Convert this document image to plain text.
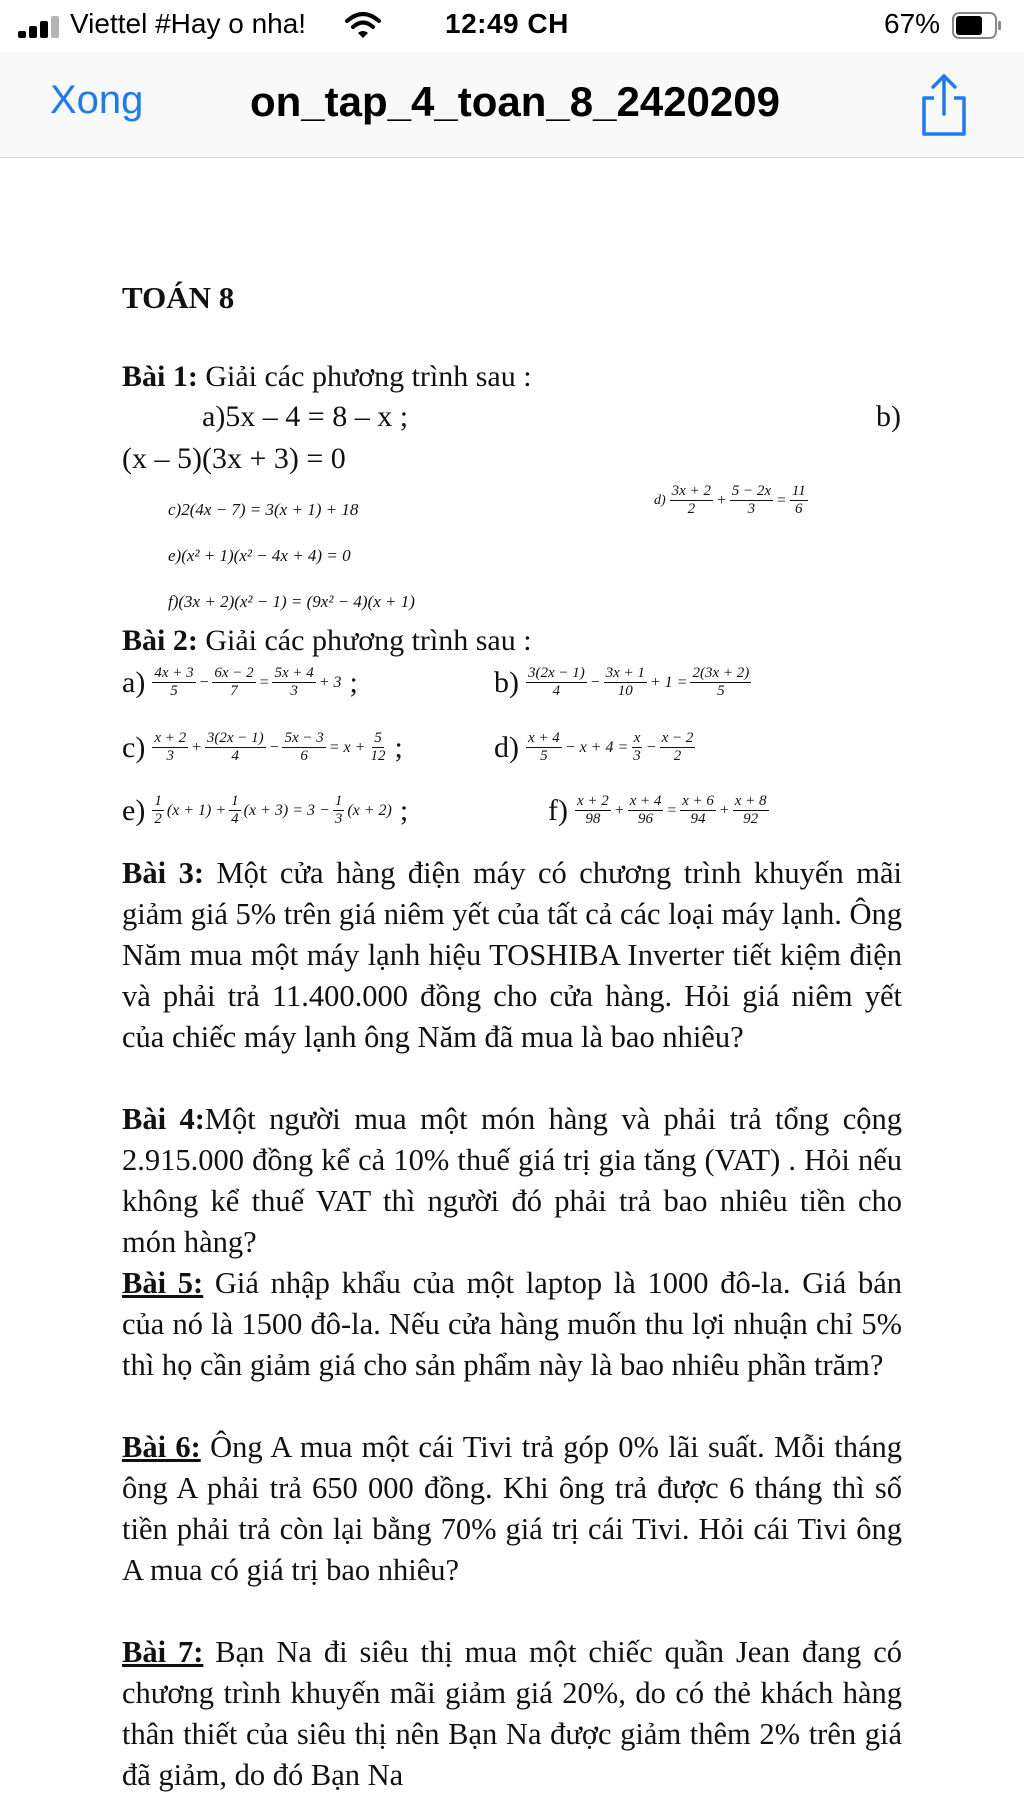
Viettel #Hay o nha!	12:49 CH	67%
Xong	on_tap_4_toan_8_2420209
TOÁN 8
Bài 1: Giải các phương trình sau :
a)5x – 4 = 8 – x ;	b)
(x – 5)(3x + 3) = 0
c)2(4x − 7) = 3(x + 1) + 18	$d) \frac{3x + 2}{2} + \frac{5 - 2x}{3} = \frac{11}{6}$
e)(x² + 1)(x² − 4x + 4) = 0
f)(3x + 2)(x² − 1) = (9x² − 4)(x + 1)
Bài 2: Giải các phương trình sau :
$a) \frac{4x + 3}{5} - \frac{6x - 2}{7} = \frac{5x + 4}{3} + 3$ ;	$b) \frac{3(2x - 1)}{4} - \frac{3x + 1}{10} + 1 = \frac{2(3x + 2)}{5}$
$c) \frac{x + 2}{3} + \frac{3(2x - 1)}{4} - \frac{5x - 3}{6} = x + \frac{5}{12}$ ;	$d) \frac{x + 4}{5} - x + 4 = \frac{x}{3} - \frac{x - 2}{2}$
$e) \frac{1}{2} (x + 1) + \frac{1}{4} (x + 3) = 3 - \frac{1}{3} (x + 2)$ ;	$f) \frac{x + 2}{98} + \frac{x + 4}{96} = \frac{x + 6}{94} + \frac{x + 8}{92}$
Bài 3: Một cửa hàng điện máy có chương trình khuyến mãi giảm giá 5% trên giá niêm yết của tất cả các loại máy lạnh. Ông Năm mua một máy lạnh hiệu TOSHIBA Inverter tiết kiệm điện và phải trả 11.400.000 đồng cho cửa hàng. Hỏi giá niêm yết của chiếc máy lạnh ông Năm đã mua là bao nhiêu?
Bài 4:Một người mua một món hàng và phải trả tổng cộng 2.915.000 đồng kể cả 10% thuế giá trị gia tăng (VAT) . Hỏi nếu không kể thuế VAT thì người đó phải trả bao nhiêu tiền cho món hàng?
Bài 5: Giá nhập khẩu của một laptop là 1000 đô-la. Giá bán của nó là 1500 đô-la. Nếu cửa hàng muốn thu lợi nhuận chỉ 5% thì họ cần giảm giá cho sản phẩm này là bao nhiêu phần trăm?
Bài 6: Ông A mua một cái Tivi trả góp 0% lãi suất. Mỗi tháng ông A phải trả 650 000 đồng. Khi ông trả được 6 tháng thì số tiền phải trả còn lại bằng 70% giá trị cái Tivi. Hỏi cái Tivi ông A mua có giá trị bao nhiêu?
Bài 7: Bạn Na đi siêu thị mua một chiếc quần Jean đang có chương trình khuyến mãi giảm giá 20%, do có thẻ khách hàng thân thiết của siêu thị nên Bạn Na được giảm thêm 2% trên giá đã giảm, do đó Bạn Na
